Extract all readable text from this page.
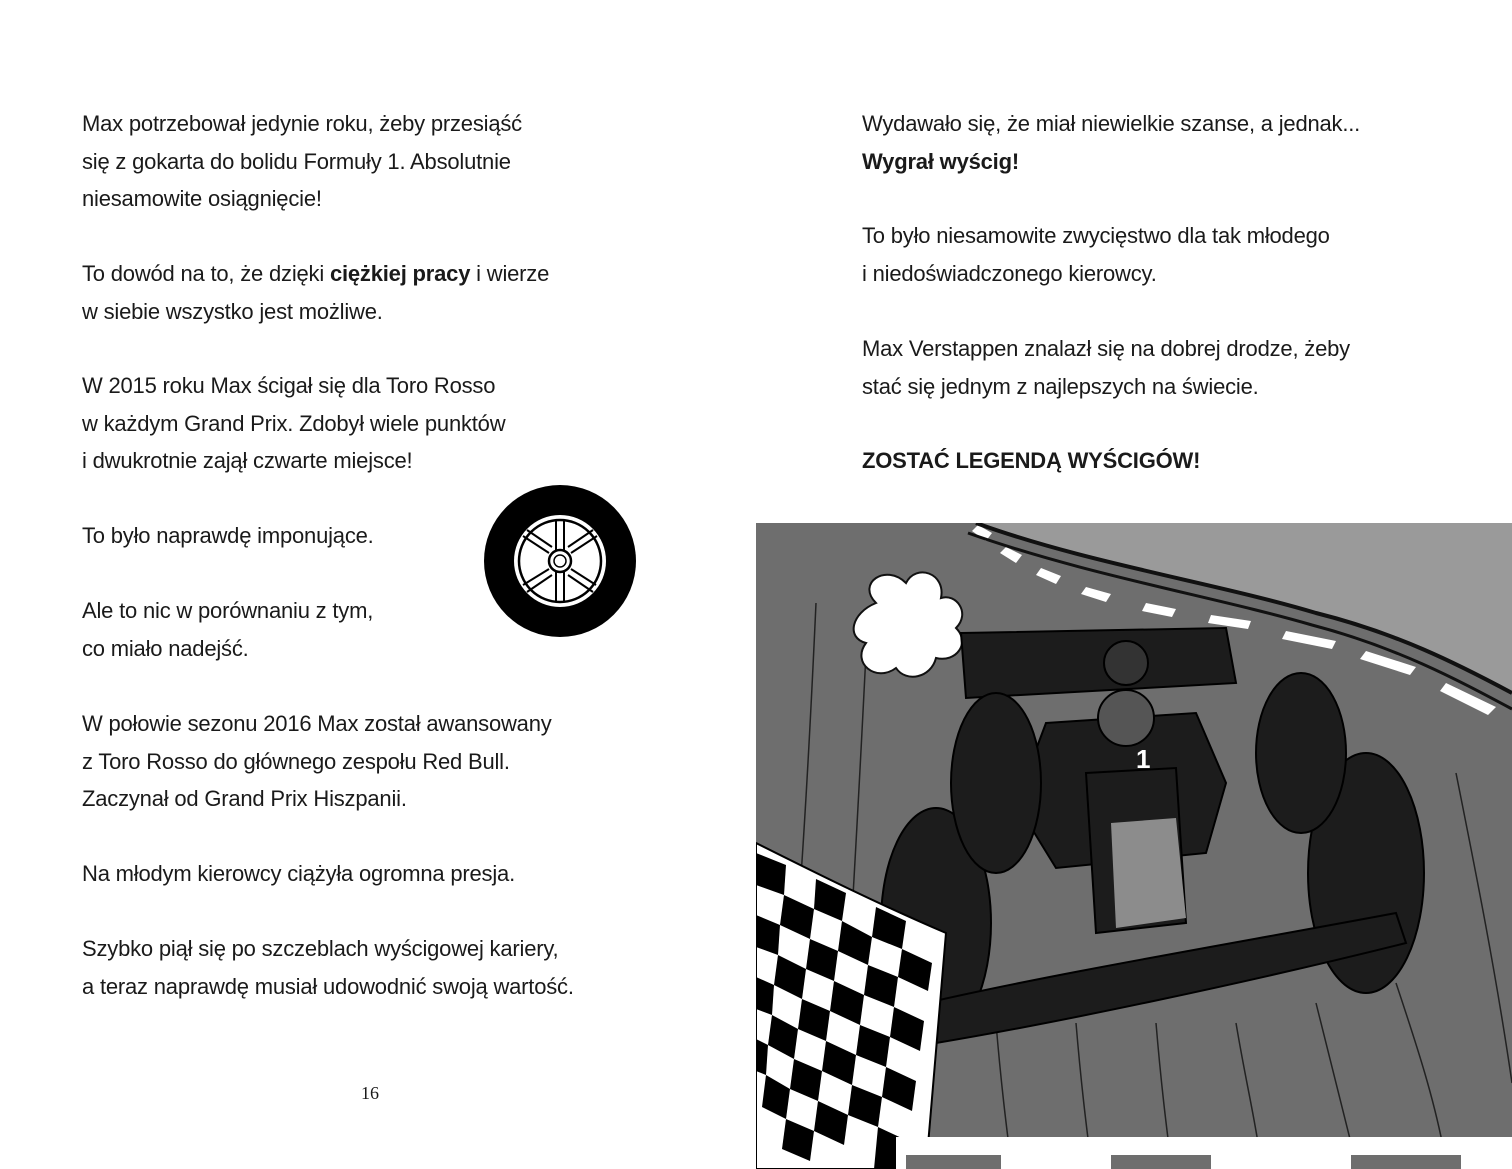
Max potrzebował jedynie roku, żeby przesiąść
się z gokarta do bolidu Formuły 1. Absolutnie
niesamowite osiągnięcie!

To dowód na to, że dzięki ciężkiej pracy i wierze
w siebie wszystko jest możliwe.

W 2015 roku Max ścigał się dla Toro Rosso
w każdym Grand Prix. Zdobył wiele punktów
i dwukrotnie zajął czwarte miejsce!

To było naprawdę imponujące.

Ale to nic w porównaniu z tym,
co miało nadejść.

W połowie sezonu 2016 Max został awansowany
z Toro Rosso do głównego zespołu Red Bull.
Zaczynał od Grand Prix Hiszpanii.

Na młodym kierowcy ciążyła ogromna presja.

Szybko piął się po szczeblach wyścigowej kariery,
a teraz naprawdę musiał udowodnić swoją wartość.

16

Wydawało się, że miał niewielkie szanse, a jednak...
Wygrał wyścig!

To było niesamowite zwycięstwo dla tak młodego
i niedoświadczonego kierowcy.

Max Verstappen znalazł się na dobrej drodze, żeby
stać się jednym z najlepszych na świecie.

ZOSTAĆ LEGENDĄ WYŚCIGÓW!

1
